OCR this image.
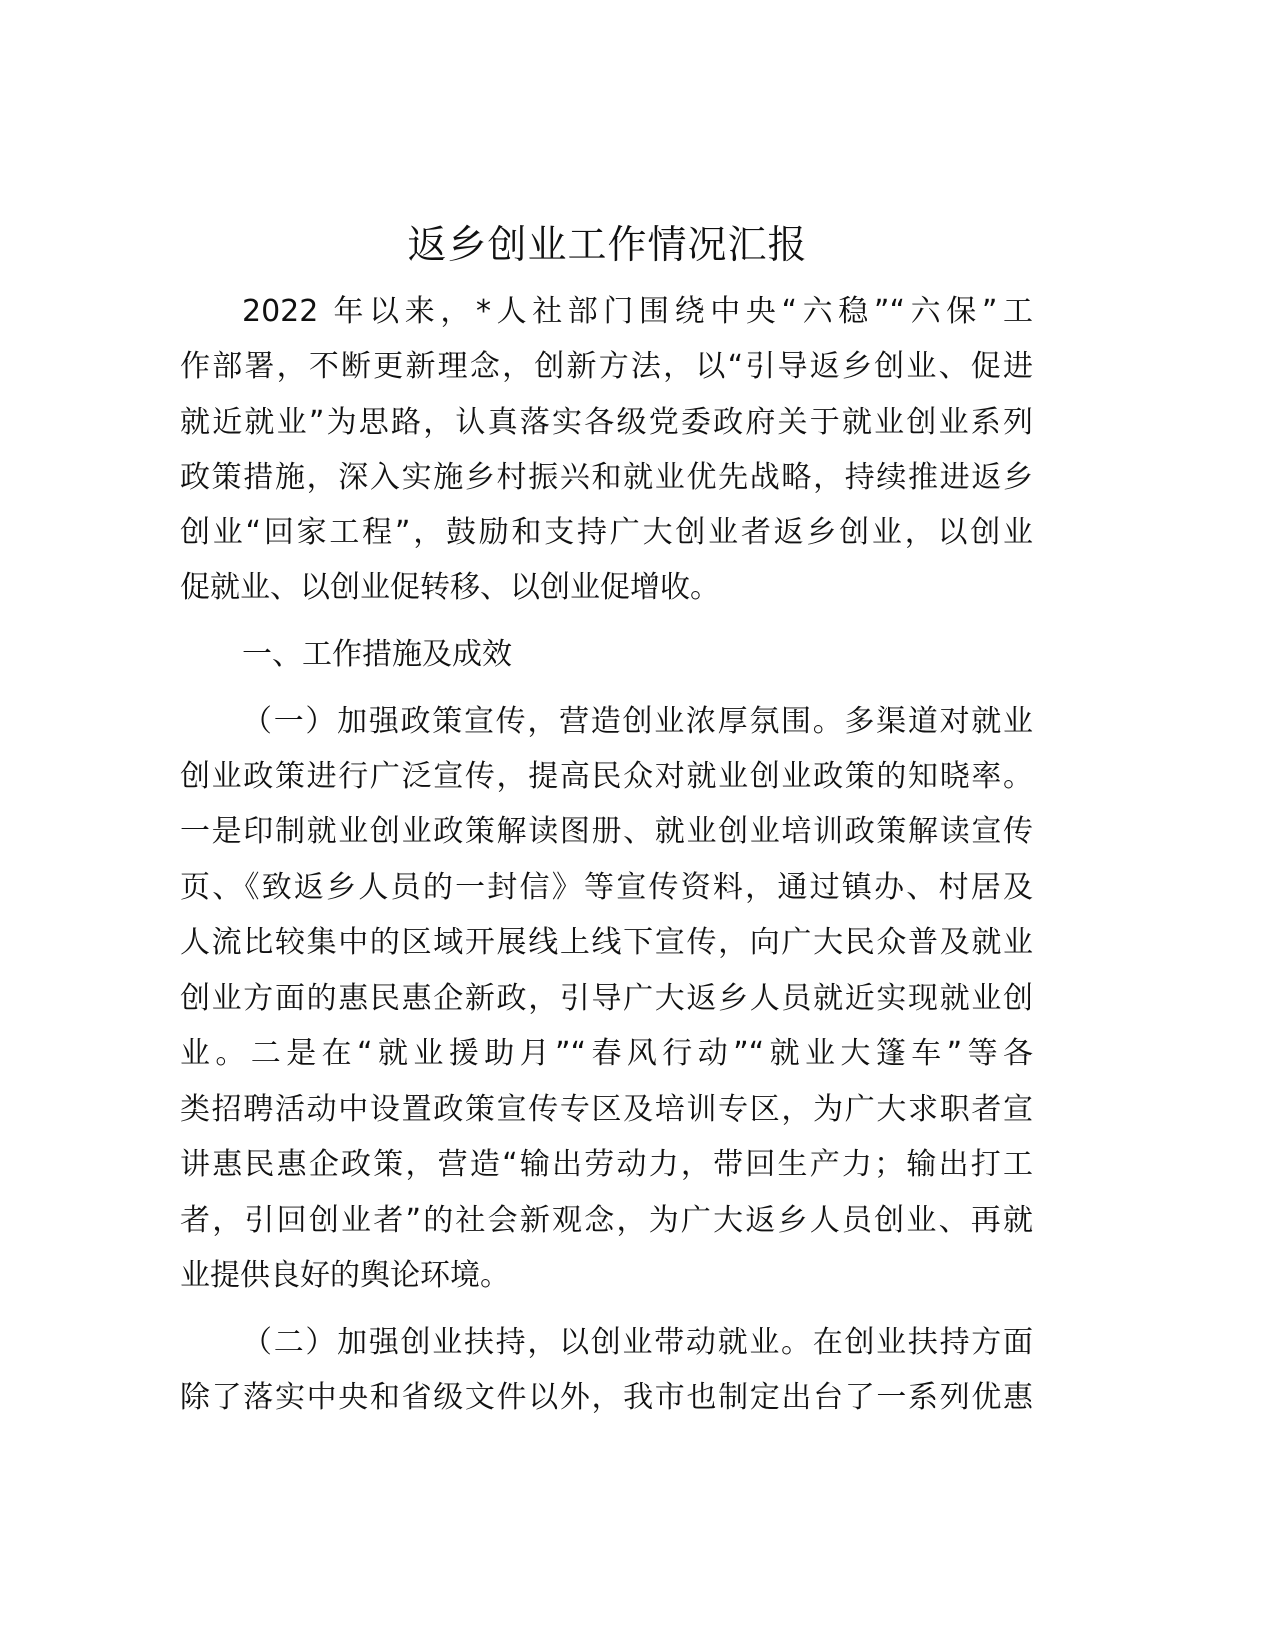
返乡创业工作情况汇报
2022 年以来，*人社部门围绕中央“六稳”“六保”工
作部署，不断更新理念，创新方法，以“引导返乡创业、促进
就近就业”为思路，认真落实各级党委政府关于就业创业系列
政策措施，深入实施乡村振兴和就业优先战略，持续推进返乡
创业“回家工程”，鼓励和支持广大创业者返乡创业，以创业
促就业、以创业促转移、以创业促增收。
一、工作措施及成效
（一）加强政策宣传，营造创业浓厚氛围。多渠道对就业
创业政策进行广泛宣传，提高民众对就业创业政策的知晓率。
一是印制就业创业政策解读图册、就业创业培训政策解读宣传
页、《致返乡人员的一封信》等宣传资料，通过镇办、村居及
人流比较集中的区域开展线上线下宣传，向广大民众普及就业
创业方面的惠民惠企新政，引导广大返乡人员就近实现就业创
业。二是在“就业援助月”“春风行动”“就业大篷车”等各
类招聘活动中设置政策宣传专区及培训专区，为广大求职者宣
讲惠民惠企政策，营造“输出劳动力，带回生产力；输出打工
者，引回创业者”的社会新观念，为广大返乡人员创业、再就
业提供良好的舆论环境。
（二）加强创业扶持，以创业带动就业。在创业扶持方面
除了落实中央和省级文件以外，我市也制定出台了一系列优惠
